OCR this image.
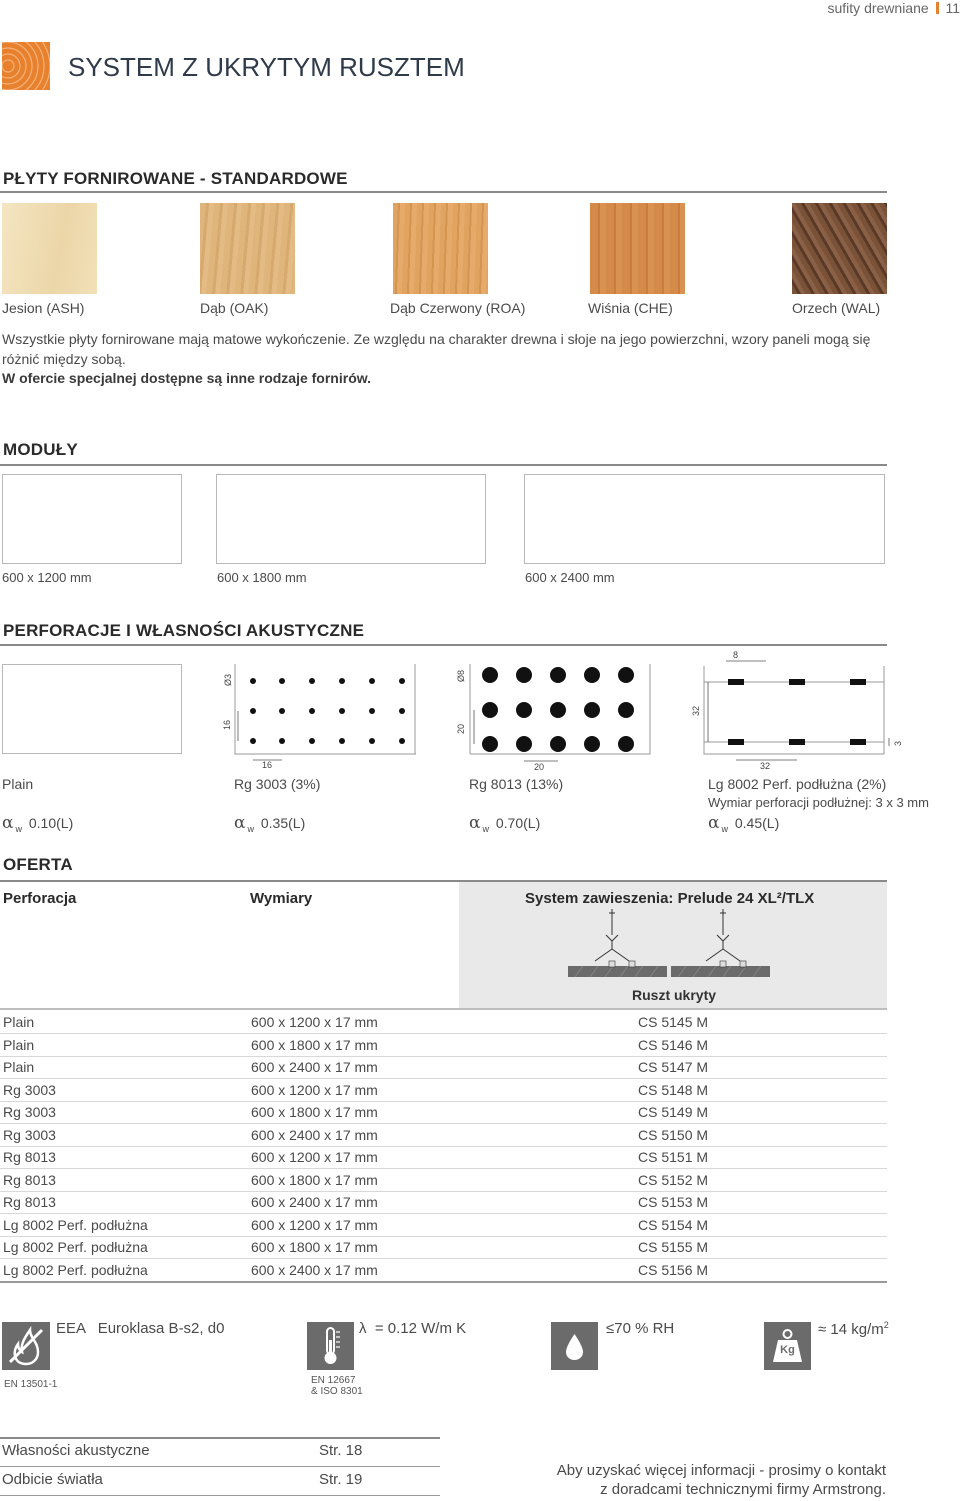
sufity drewniane 11
SYSTEM Z UKRYTYM RUSZTEM
PŁYTY FORNIROWANE - STANDARDOWE
Jesion (ASH)	Dąb (OAK)	Dąb Czerwony (ROA)	Wiśnia (CHE)	Orzech (WAL)
Wszystkie płyty fornirowane mają matowe wykończenie. Ze względu na charakter drewna i słoje na jego powierzchni, wzory paneli mogą się różnić między sobą.
W ofercie specjalnej dostępne są inne rodzaje fornirów.
MODUŁY
600 x 1200 mm	600 x 1800 mm	600 x 2400 mm
PERFORACJE I WŁASNOŚCI AKUSTYCZNE
Ø3
16
16
Ø8
20
20
8
32
32
3
Plain	Rg 3003 (3%)	Rg 8013 (13%)	Lg 8002 Perf. podłużna (2%)
Wymiar perforacji podłużnej: 3 x 3 mm
α $_w$ 0.10(L)	α $_w$ 0.35(L)	α $_w$ 0.70(L)	α $_w$ 0.45(L)
OFERTA
Perforacja	Wymiary	System zawieszenia: Prelude 24 XL²/TLX
Ruszt ukryty
Plain	600 x 1200 x 17 mm	CS 5145 M
Plain	600 x 1800 x 17 mm	CS 5146 M
Plain	600 x 2400 x 17 mm	CS 5147 M
Rg 3003	600 x 1200 x 17 mm	CS 5148 M
Rg 3003	600 x 1800 x 17 mm	CS 5149 M
Rg 3003	600 x 2400 x 17 mm	CS 5150 M
Rg 8013	600 x 1200 x 17 mm	CS 5151 M
Rg 8013	600 x 1800 x 17 mm	CS 5152 M
Rg 8013	600 x 2400 x 17 mm	CS 5153 M
Lg 8002 Perf. podłużna	600 x 1200 x 17 mm	CS 5154 M
Lg 8002 Perf. podłużna	600 x 1800 x 17 mm	CS 5155 M
Lg 8002 Perf. podłużna	600 x 2400 x 17 mm	CS 5156 M
EEA   Euroklasa B-s2, d0
EN 13501-1
λ  = 0.12 W/m K
EN 12667
& ISO 8301
≤70 % RH
Kg
≈ 14 $kg/m^2$
Własności akustyczne	Str. 18
Odbicie światła	Str. 19
Aby uzyskać więcej informacji - prosimy o kontakt
z doradcami technicznymi firmy Armstrong.
